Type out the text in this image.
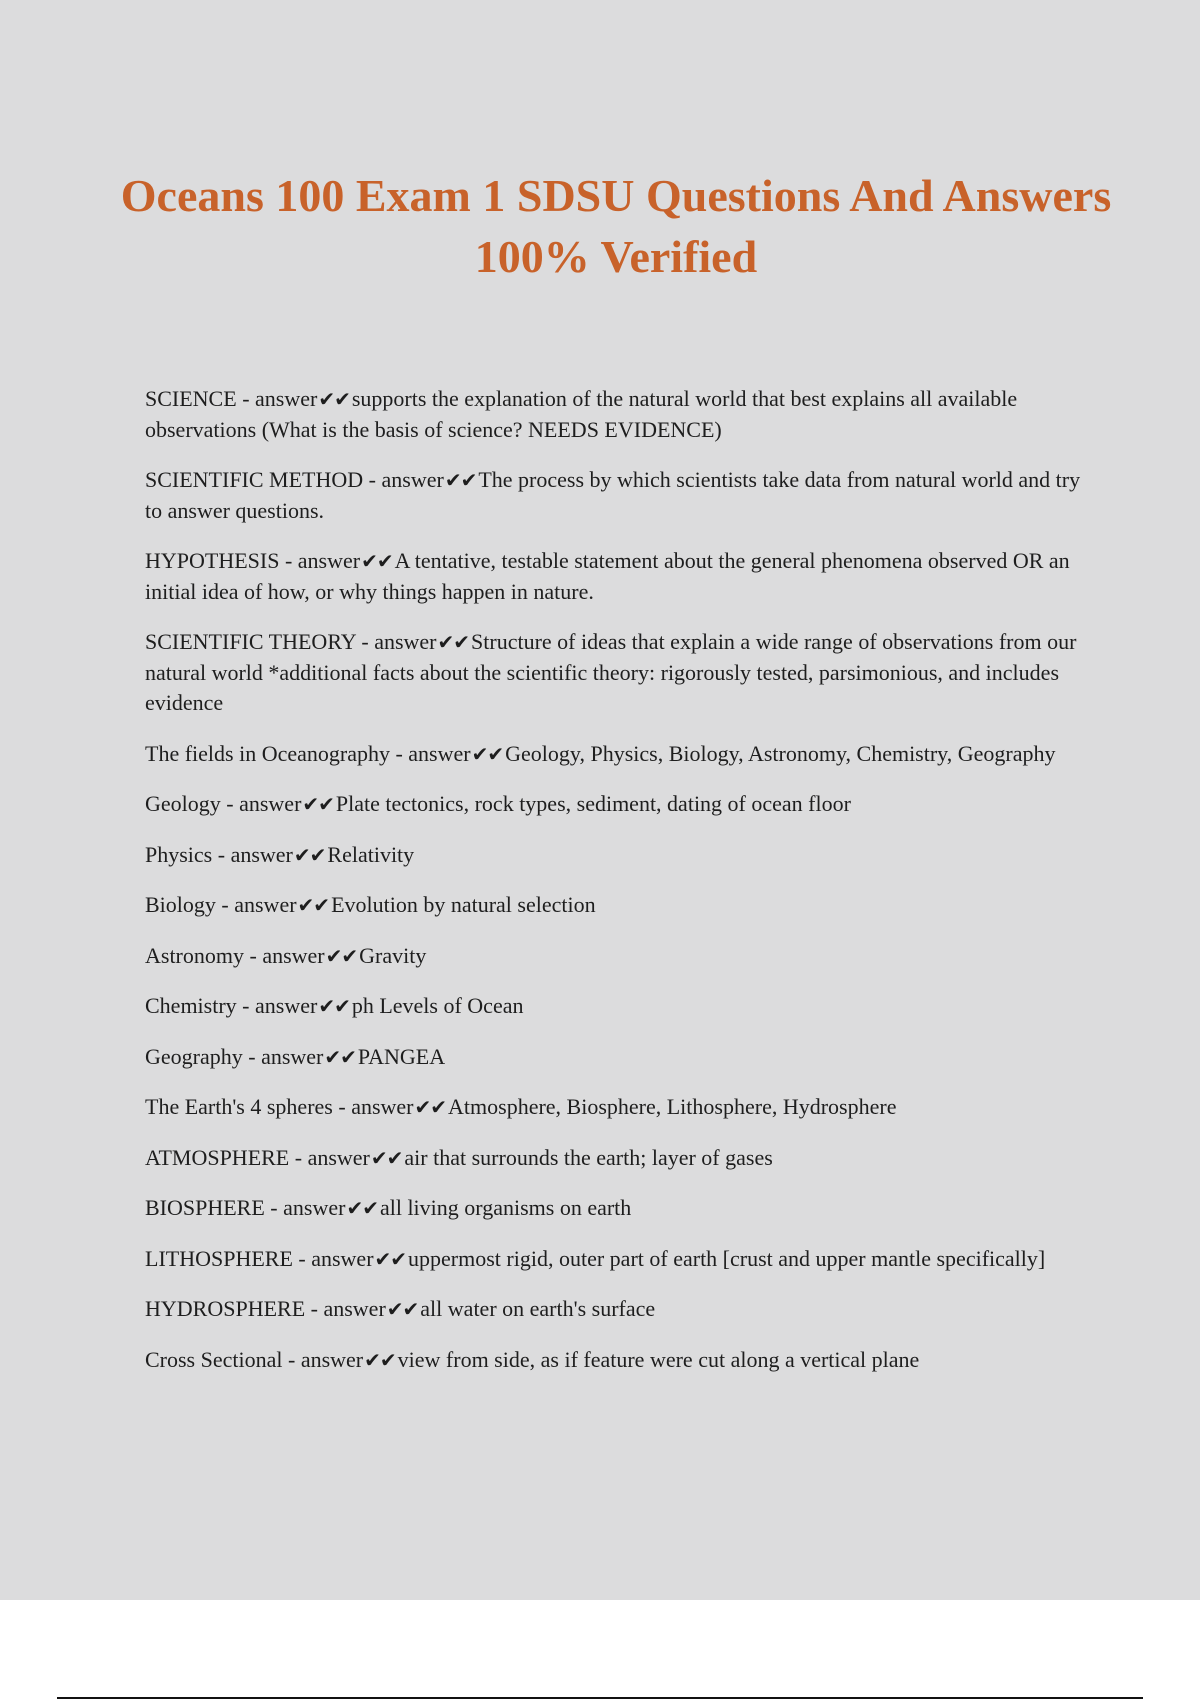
Oceans 100 Exam 1 SDSU Questions And Answers 100% Verified
SCIENCE - answer✔✔supports the explanation of the natural world that best explains all available observations (What is the basis of science? NEEDS EVIDENCE)
SCIENTIFIC METHOD - answer✔✔The process by which scientists take data from natural world and try to answer questions.
HYPOTHESIS - answer✔✔A tentative, testable statement about the general phenomena observed OR an initial idea of how, or why things happen in nature.
SCIENTIFIC THEORY - answer✔✔Structure of ideas that explain a wide range of observations from our natural world *additional facts about the scientific theory: rigorously tested, parsimonious, and includes evidence
The fields in Oceanography - answer✔✔Geology, Physics, Biology, Astronomy, Chemistry, Geography
Geology - answer✔✔Plate tectonics, rock types, sediment, dating of ocean floor
Physics - answer✔✔Relativity
Biology - answer✔✔Evolution by natural selection
Astronomy - answer✔✔Gravity
Chemistry - answer✔✔ph Levels of Ocean
Geography - answer✔✔PANGEA
The Earth's 4 spheres - answer✔✔Atmosphere, Biosphere, Lithosphere, Hydrosphere
ATMOSPHERE - answer✔✔air that surrounds the earth; layer of gases
BIOSPHERE - answer✔✔all living organisms on earth
LITHOSPHERE - answer✔✔uppermost rigid, outer part of earth [crust and upper mantle specifically]
HYDROSPHERE - answer✔✔all water on earth's surface
Cross Sectional - answer✔✔view from side, as if feature were cut along a vertical plane
